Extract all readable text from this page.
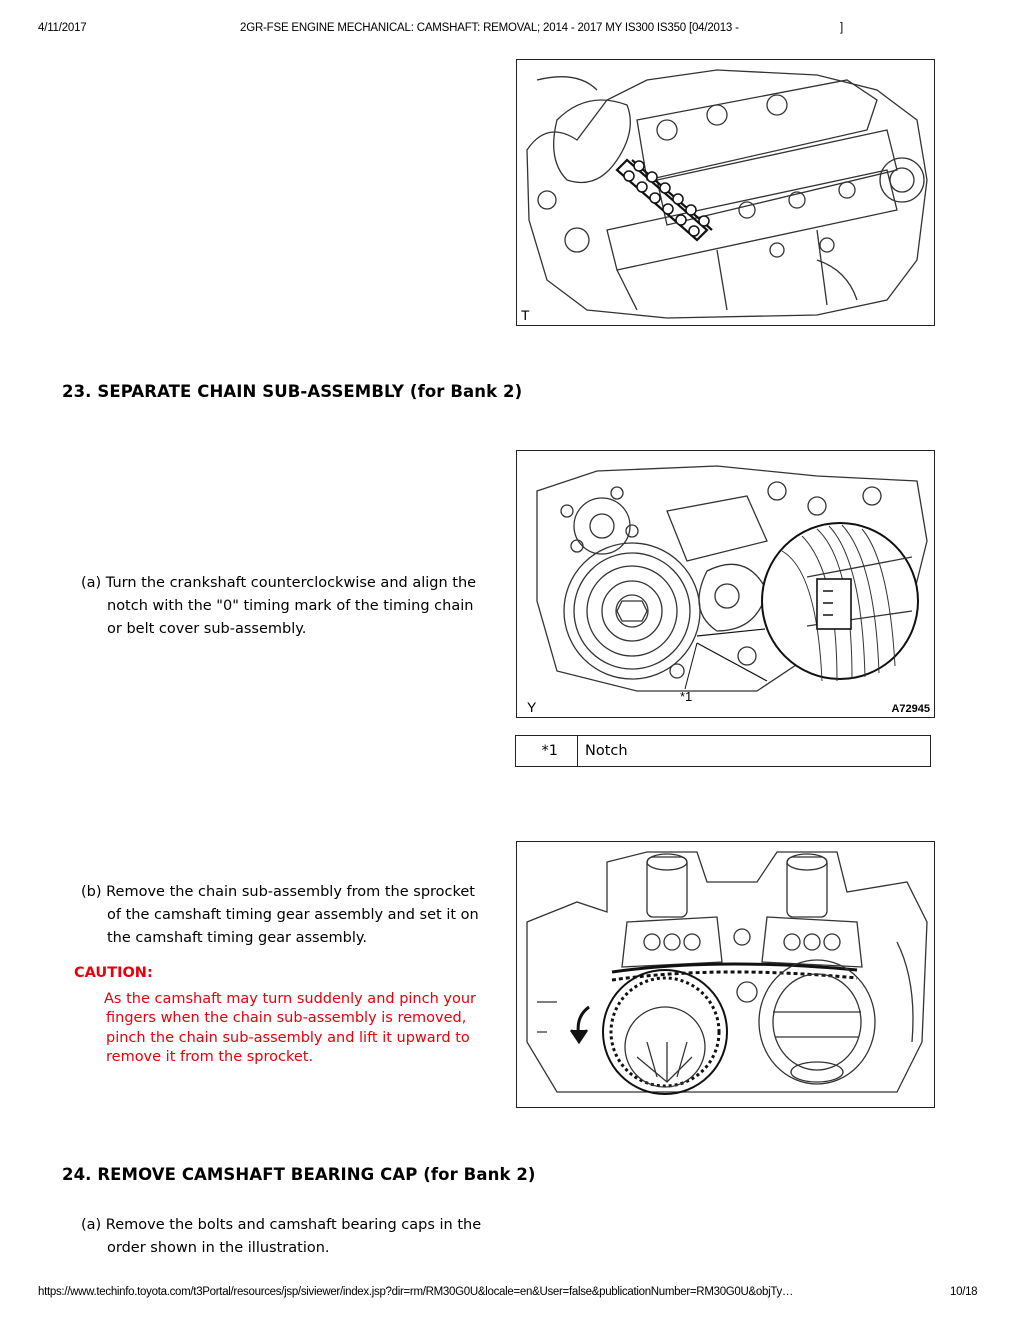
4/11/2017	2GR-FSE ENGINE MECHANICAL: CAMSHAFT: REMOVAL; 2014 - 2017 MY IS300 IS350 [04/2013 -	]
T
23. SEPARATE CHAIN SUB-ASSEMBLY (for Bank 2)
(a) Turn the crankshaft counterclockwise and align the
notch with the "0" timing mark of the timing chain
or belt cover sub-assembly.
Y
*1
A72945
*1	Notch
(b) Remove the chain sub-assembly from the sprocket
of the camshaft timing gear assembly and set it on
the camshaft timing gear assembly.
CAUTION:
As the camshaft may turn suddenly and pinch your
fingers when the chain sub-assembly is removed,
pinch the chain sub-assembly and lift it upward to
remove it from the sprocket.
24. REMOVE CAMSHAFT BEARING CAP (for Bank 2)
(a) Remove the bolts and camshaft bearing caps in the
order shown in the illustration.
https://www.techinfo.toyota.com/t3Portal/resources/jsp/siviewer/index.jsp?dir=rm/RM30G0U&locale=en&User=false&publicationNumber=RM30G0U&objTy…	10/18
